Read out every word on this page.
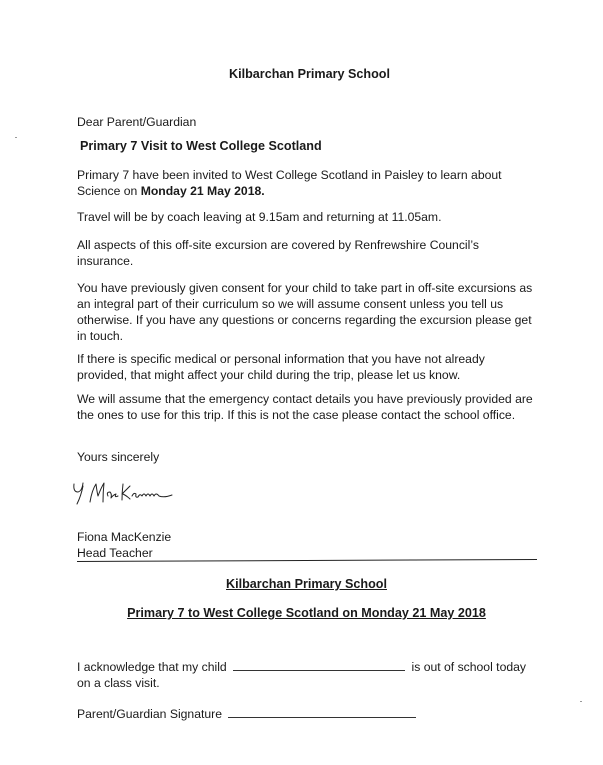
Kilbarchan Primary School
Dear Parent/Guardian
Primary 7 Visit to West College Scotland
Primary 7 have been invited to West College Scotland in Paisley to learn about
Science on Monday 21 May 2018.
Travel will be by coach leaving at 9.15am and returning at 11.05am.
All aspects of this off-site excursion are covered by Renfrewshire Council’s
insurance.
You have previously given consent for your child to take part in off-site excursions as
an integral part of their curriculum so we will assume consent unless you tell us
otherwise. If you have any questions or concerns regarding the excursion please get
in touch.
If there is specific medical or personal information that you have not already
provided, that might affect your child during the trip, please let us know.
We will assume that the emergency contact details you have previously provided are
the ones to use for this trip. If this is not the case please contact the school office.
Yours sincerely
Fiona MacKenzie
Head Teacher
Kilbarchan Primary School
Primary 7 to West College Scotland on Monday 21 May 2018
I acknowledge that my child	is out of school today
on a class visit.
Parent/Guardian Signature
